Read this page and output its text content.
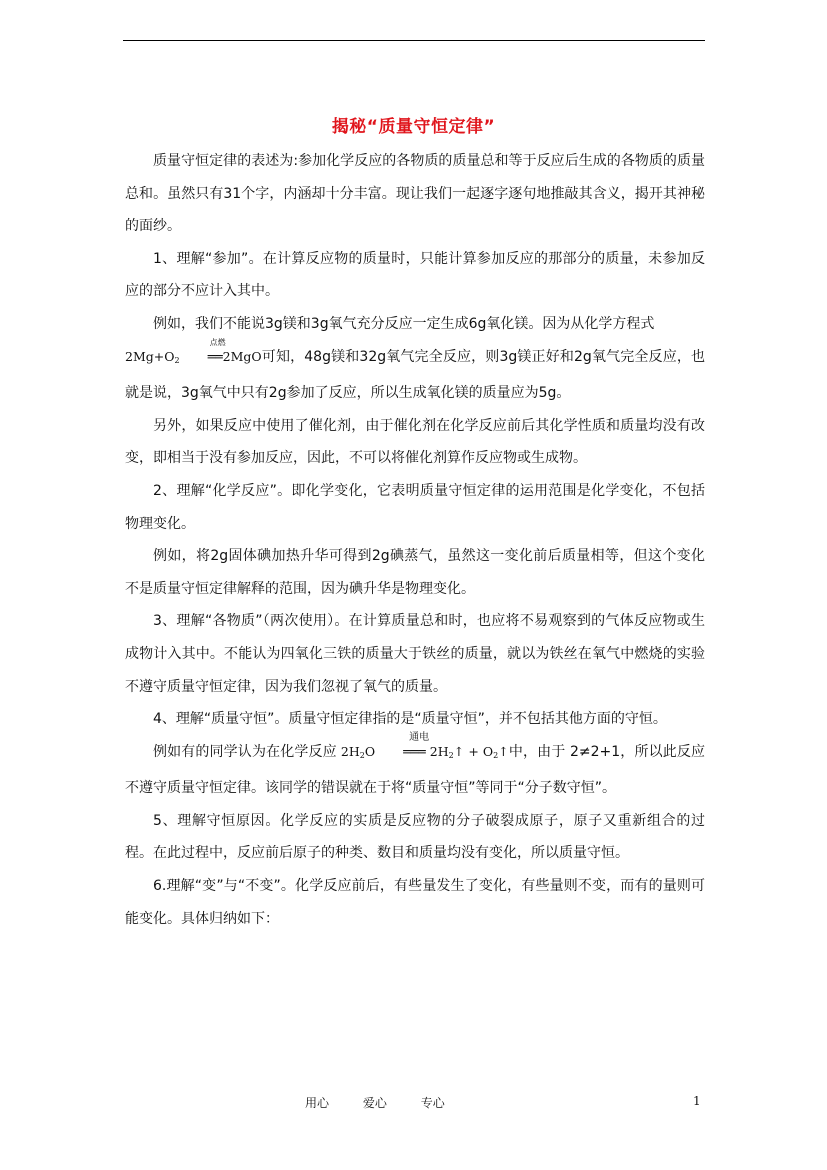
揭秘“质量守恒定律”

质量守恒定律的表述为:参加化学反应的各物质的质量总和等于反应后生成的各物质的质量总和。虽然只有31个字，内涵却十分丰富。现让我们一起逐字逐句地推敲其含义，揭开其神秘的面纱。

1、理解“参加”。在计算反应物的质量时，只能计算参加反应的那部分的质量，未参加反应的部分不应计入其中。

例如，我们不能说3g镁和3g氧气充分反应一定生成6g氧化镁。因为从化学方程式
$2Mg+O_2$
点燃
══2MgO可知，48g镁和32g氧气完全反应，则3g镁正好和2g氧气完全反应，也就是说，3g氧气中只有2g参加了反应，所以生成氧化镁的质量应为5g。

另外，如果反应中使用了催化剂，由于催化剂在化学反应前后其化学性质和质量均没有改变，即相当于没有参加反应，因此，不可以将催化剂算作反应物或生成物。

2、理解“化学反应”。即化学变化，它表明质量守恒定律的运用范围是化学变化，不包括物理变化。

例如，将2g固体碘加热升华可得到2g碘蒸气，虽然这一变化前后质量相等，但这个变化不是质量守恒定律解释的范围，因为碘升华是物理变化。

3、理解“各物质”（两次使用）。在计算质量总和时，也应将不易观察到的气体反应物或生成物计入其中。不能认为四氧化三铁的质量大于铁丝的质量，就以为铁丝在氧气中燃烧的实验不遵守质量守恒定律，因为我们忽视了氧气的质量。

4、理解“质量守恒”。质量守恒定律指的是“质量守恒”，并不包括其他方面的守恒。

例如有的同学认为在化学反应 $2H_2O$
通电
═══ $2H_2↑$ + $O_2↑$中，由于 2≠2+1，所以此反应不遵守质量守恒定律。该同学的错误就在于将“质量守恒”等同于“分子数守恒”。

5、理解守恒原因。化学反应的实质是反应物的分子破裂成原子，原子又重新组合的过程。在此过程中，反应前后原子的种类、数目和质量均没有变化，所以质量守恒。

6.理解“变”与“不变”。化学反应前后，有些量发生了变化，有些量则不变，而有的量则可能变化。具体归纳如下：

用心	爱心	专心	1
